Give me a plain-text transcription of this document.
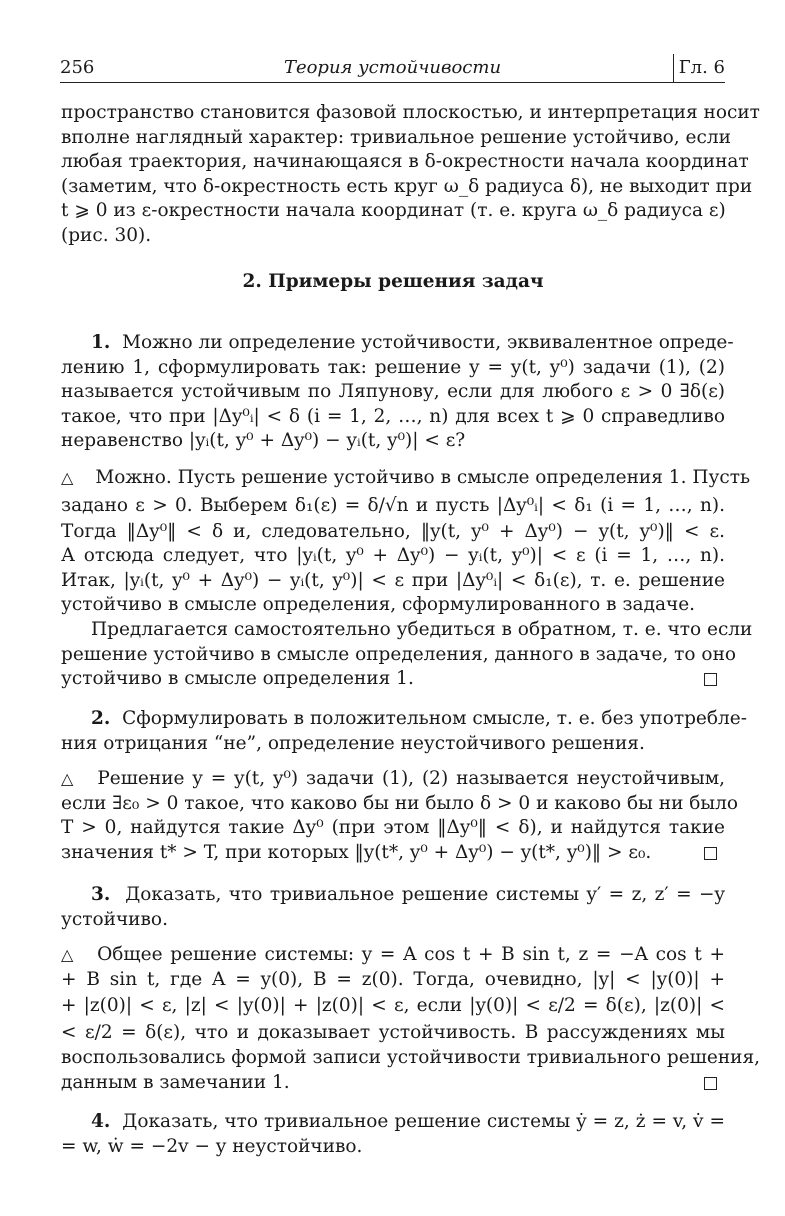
256	Теория устойчивости	Гл. 6
пространство становится фазовой плоскостью, и интерпретация носит
вполне наглядный характер: тривиальное решение устойчиво, если
любая траектория, начинающаяся в δ-окрестности начала координат
(заметим, что δ-окрестность есть круг ω_δ радиуса δ), не выходит при
t ⩾ 0 из ε-окрестности начала координат (т. е. круга ω_δ радиуса ε)
(рис. 30).
2. Примеры решения задач
1. Можно ли определение устойчивости, эквивалентное опреде-
лению 1, сформулировать так: решение y = y(t, y⁰) задачи (1), (2)
называется устойчивым по Ляпунову, если для любого ε > 0 ∃δ(ε)
такое, что при |Δy⁰ᵢ| < δ (i = 1, 2, …, n) для всех t ⩾ 0 справедливо
неравенство |yᵢ(t, y⁰ + Δy⁰) − yᵢ(t, y⁰)| < ε?
△ Можно. Пусть решение устойчиво в смысле определения 1. Пусть
задано ε > 0. Выберем δ₁(ε) = δ/√n и пусть |Δy⁰ᵢ| < δ₁ (i = 1, …, n).
Тогда ‖Δy⁰‖ < δ и, следовательно, ‖y(t, y⁰ + Δy⁰) − y(t, y⁰)‖ < ε.
А отсюда следует, что |yᵢ(t, y⁰ + Δy⁰) − yᵢ(t, y⁰)| < ε (i = 1, …, n).
Итак, |yᵢ(t, y⁰ + Δy⁰) − yᵢ(t, y⁰)| < ε при |Δy⁰ᵢ| < δ₁(ε), т. е. решение
устойчиво в смысле определения, сформулированного в задаче.
Предлагается самостоятельно убедиться в обратном, т. е. что если
решение устойчиво в смысле определения, данного в задаче, то оно
устойчиво в смысле определения 1.
2. Сформулировать в положительном смысле, т. е. без употребле-
ния отрицания “не”, определение неустойчивого решения.
△ Решение y = y(t, y⁰) задачи (1), (2) называется неустойчивым,
если ∃ε₀ > 0 такое, что каково бы ни было δ > 0 и каково бы ни было
T > 0, найдутся такие Δy⁰ (при этом ‖Δy⁰‖ < δ), и найдутся такие
значения t* > T, при которых ‖y(t*, y⁰ + Δy⁰) − y(t*, y⁰)‖ > ε₀.
3. Доказать, что тривиальное решение системы y′ = z, z′ = −y
устойчиво.
△ Общее решение системы: y = A cos t + B sin t, z = −A cos t +
+ B sin t, где A = y(0), B = z(0). Тогда, очевидно, |y| < |y(0)| +
+ |z(0)| < ε, |z| < |y(0)| + |z(0)| < ε, если |y(0)| < ε/2 = δ(ε), |z(0)| <
< ε/2 = δ(ε), что и доказывает устойчивость. В рассуждениях мы
воспользовались формой записи устойчивости тривиального решения,
данным в замечании 1.
4. Доказать, что тривиальное решение системы ẏ = z, ż = v, v̇ =
= w, ẇ = −2v − y неустойчиво.
